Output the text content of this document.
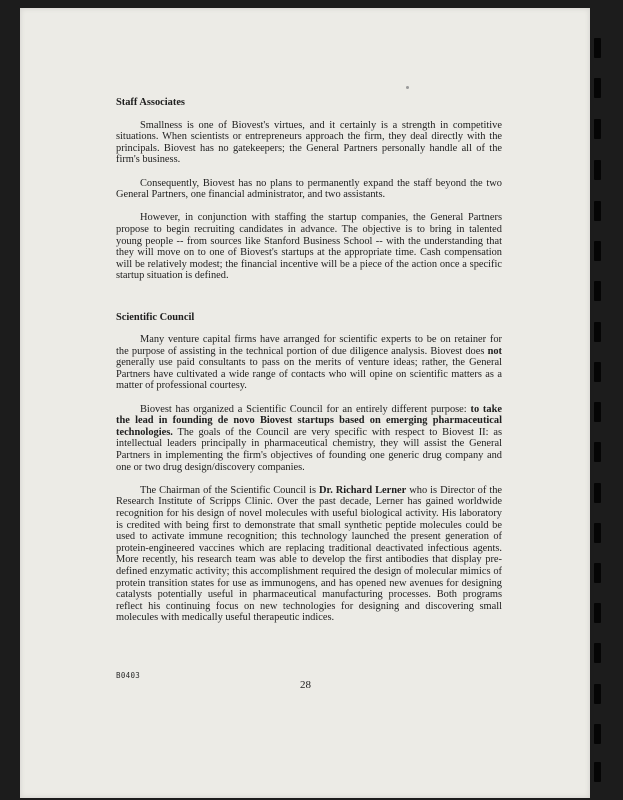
Staff Associates

Smallness is one of Biovest's virtues, and it certainly is a strength in competitive situations. When scientists or entrepreneurs approach the firm, they deal directly with the principals. Biovest has no gatekeepers; the General Partners personally handle all of the firm's business.

Consequently, Biovest has no plans to permanently expand the staff beyond the two General Partners, one financial administrator, and two assistants.

However, in conjunction with staffing the startup companies, the General Partners propose to begin recruiting candidates in advance. The objective is to bring in talented young people -- from sources like Stanford Business School -- with the understanding that they will move on to one of Biovest's startups at the appropriate time. Cash compensation will be relatively modest; the financial incentive will be a piece of the action once a specific startup situation is defined.

Scientific Council

Many venture capital firms have arranged for scientific experts to be on retainer for the purpose of assisting in the technical portion of due diligence analysis. Biovest does not generally use paid consultants to pass on the merits of venture ideas; rather, the General Partners have cultivated a wide range of contacts who will opine on scientific matters as a matter of professional courtesy.

Biovest has organized a Scientific Council for an entirely different purpose: to take the lead in founding de novo Biovest startups based on emerging pharmaceutical technologies. The goals of the Council are very specific with respect to Biovest II: as intellectual leaders principally in pharmaceutical chemistry, they will assist the General Partners in implementing the firm's objectives of founding one generic drug company and one or two drug design/discovery companies.

The Chairman of the Scientific Council is Dr. Richard Lerner who is Director of the Research Institute of Scripps Clinic. Over the past decade, Lerner has gained worldwide recognition for his design of novel molecules with useful biological activity. His laboratory is credited with being first to demonstrate that small synthetic peptide molecules could be used to activate immune recognition; this technology launched the present generation of protein-engineered vaccines which are replacing traditional deactivated infectious agents. More recently, his research team was able to develop the first antibodies that display pre-defined enzymatic activity; this accomplishment required the design of molecular mimics of protein transition states for use as immunogens, and has opened new avenues for designing catalysts potentially useful in pharmaceutical manufacturing processes. Both programs reflect his continuing focus on new technologies for designing and discovering small molecules with medically useful therapeutic indices.

B0403
28
